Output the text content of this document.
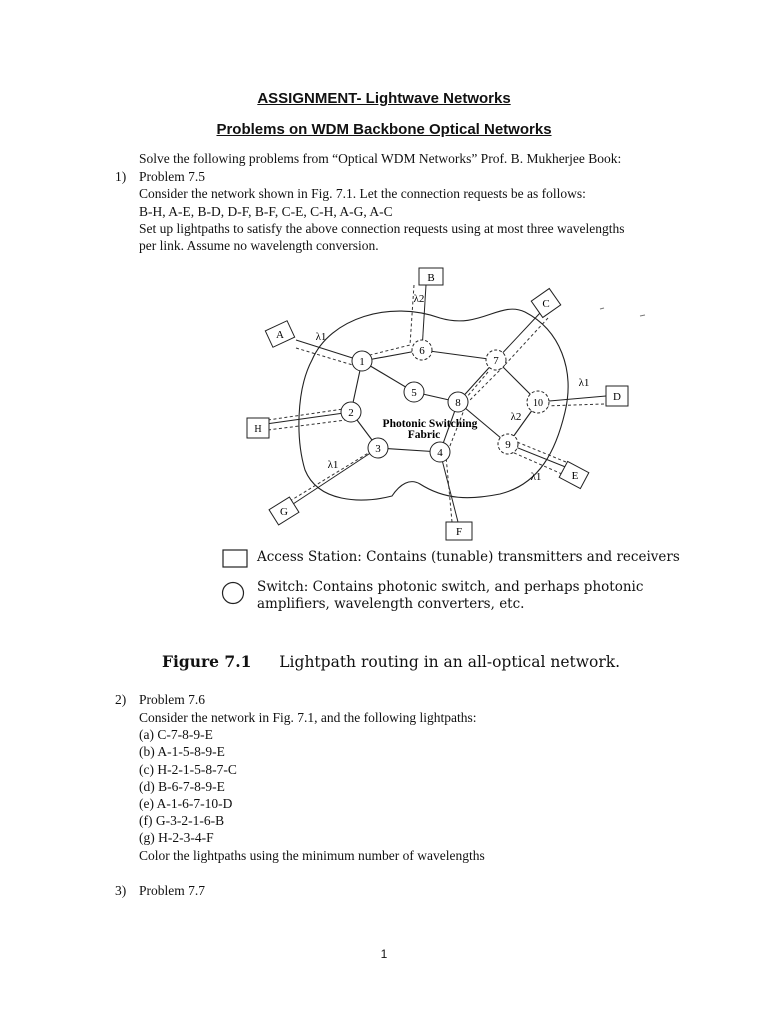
ASSIGNMENT- Lightwave Networks
Problems on WDM Backbone Optical Networks
Solve the following problems from “Optical WDM Networks” Prof. B. Mukherjee Book:
1) Problem 7.5
Consider the network shown in Fig. 7.1. Let the connection requests be as follows:
B-H, A-E, B-D, D-F, B-F, C-E, C-H, A-G, A-C
Set up lightpaths to satisfy the above connection requests using at most three wavelengths
per link. Assume no wavelength conversion.
1
2
3	4
5
6
7
8
9
10
B
C
A
D
H
E
G
F
λ2
λ1
λ1
λ2
λ1
λ1
Photonic Switching
Fabric
Access Station: Contains (tunable) transmitters and receivers
Switch: Contains photonic switch, and perhaps photonic
amplifiers, wavelength converters, etc.
Figure 7.1 Lightpath routing in an all-optical network.
2) Problem 7.6
Consider the network in Fig. 7.1, and the following lightpaths:
(a) C-7-8-9-E
(b) A-1-5-8-9-E
(c) H-2-1-5-8-7-C
(d) B-6-7-8-9-E
(e) A-1-6-7-10-D
(f) G-3-2-1-6-B
(g) H-2-3-4-F
Color the lightpaths using the minimum number of wavelengths
3) Problem 7.7
1
